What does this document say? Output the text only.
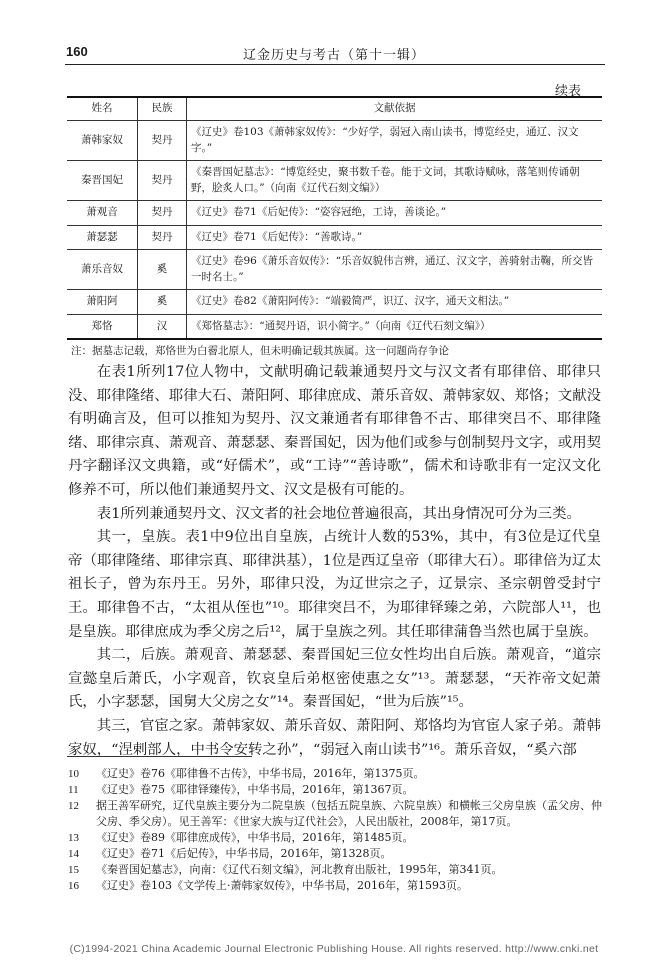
160	辽金历史与考古（第十一辑）
续表
姓名	民族	文献依据
萧韩家奴	契丹	《辽史》卷103《萧韩家奴传》：“少好学，弱冠入南山读书，博览经史，通辽、汉文字。”
秦晋国妃	契丹	《秦晋国妃墓志》：“博览经史，聚书数千卷。能于文词，其歌诗赋咏，落笔则传诵朝野，脍炙人口。”（向南《辽代石刻文编》）
萧观音	契丹	《辽史》卷71《后妃传》：“姿容冠绝，工诗，善谈论。”
萧瑟瑟	契丹	《辽史》卷71《后妃传》：“善歌诗。”
萧乐音奴	奚	《辽史》卷96《萧乐音奴传》：“乐音奴貌伟言辨，通辽、汉文字，善骑射击鞠，所交皆一时名士。”
萧阳阿	奚	《辽史》卷82《萧阳阿传》：“端毅简严，识辽、汉字，通天文相法。”
郑恪	汉	《郑恪墓志》：“通契丹语，识小简字。”（向南《辽代石刻文编》）
注：据墓志记载，郑恪世为白霫北原人，但未明确记载其族属。这一问题尚存争论

在表1所列17位人物中，文献明确记载兼通契丹文与汉文者有耶律倍、耶律只没、耶律隆绪、耶律大石、萧阳阿、耶律庶成、萧乐音奴、萧韩家奴、郑恪；文献没有明确言及，但可以推知为契丹、汉文兼通者有耶律鲁不古、耶律突吕不、耶律隆绪、耶律宗真、萧观音、萧瑟瑟、秦晋国妃，因为他们或参与创制契丹文字，或用契丹字翻译汉文典籍，或“好儒术”，或“工诗”“善诗歌”，儒术和诗歌非有一定汉文化修养不可，所以他们兼通契丹文、汉文是极有可能的。

表1所列兼通契丹文、汉文者的社会地位普遍很高，其出身情况可分为三类。

其一，皇族。表1中9位出自皇族，占统计人数的53%，其中，有3位是辽代皇帝（耶律隆绪、耶律宗真、耶律洪基），1位是西辽皇帝（耶律大石）。耶律倍为辽太祖长子，曾为东丹王。另外，耶律只没，为辽世宗之子，辽景宗、圣宗朝曾受封宁王。耶律鲁不古，“太祖从侄也”¹⁰。耶律突吕不，为耶律铎臻之弟，六院部人¹¹，也是皇族。耶律庶成为季父房之后¹²，属于皇族之列。其任耶律蒲鲁当然也属于皇族。

其二，后族。萧观音、萧瑟瑟、秦晋国妃三位女性均出自后族。萧观音，“道宗宣懿皇后萧氏，小字观音，钦哀皇后弟枢密使惠之女”¹³。萧瑟瑟，“天祚帝文妃萧氏，小字瑟瑟，国舅大父房之女”¹⁴。秦晋国妃，“世为后族”¹⁵。

其三，官宦之家。萧韩家奴、萧乐音奴、萧阳阿、郑恪均为官宦人家子弟。萧韩家奴，“涅剌部人，中书令安转之孙”，“弱冠入南山读书”¹⁶。萧乐音奴，“奚六部

10	《辽史》卷76《耶律鲁不古传》，中华书局，2016年，第1375页。
11	《辽史》卷75《耶律铎臻传》，中华书局，2016年，第1367页。
12	据王善军研究，辽代皇族主要分为二院皇族（包括五院皇族、六院皇族）和横帐三父房皇族（孟父房、仲父房、季父房）。见王善军：《世家大族与辽代社会》，人民出版社，2008年，第17页。
13	《辽史》卷89《耶律庶成传》，中华书局，2016年，第1485页。
14	《辽史》卷71《后妃传》，中华书局，2016年，第1328页。
15	《秦晋国妃墓志》，向南：《辽代石刻文编》，河北教育出版社，1995年，第341页。
16	《辽史》卷103《文学传上·萧韩家奴传》，中华书局，2016年，第1593页。
(C)1994-2021 China Academic Journal Electronic Publishing House. All rights reserved. http://www.cnki.net
